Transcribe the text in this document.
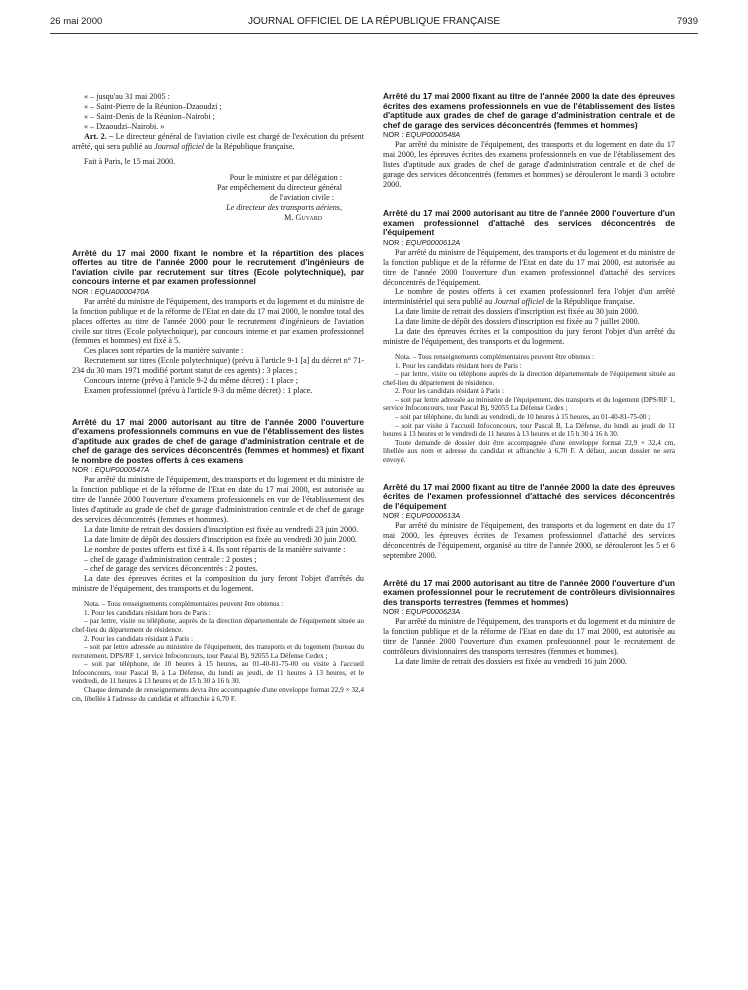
26 mai 2000	JOURNAL OFFICIEL DE LA RÉPUBLIQUE FRANÇAISE	7939

« – jusqu'au 31 mai 2005 :

« – Saint-Pierre de la Réunion–Dzaoudzi ;

« – Saint-Denis de la Réunion–Nairobi ;

« – Dzaoudzi–Nairobi. »

Art. 2. – Le directeur général de l'aviation civile est chargé de l'exécution du présent arrêté, qui sera publié au Journal officiel de la République française.

Fait à Paris, le 15 mai 2000.

Pour le ministre et par délégation :

Par empêchement du directeur général

de l'aviation civile :

Le directeur des transports aériens,

M. Guyard

Arrêté du 17 mai 2000 fixant le nombre et la répartition des places offertes au titre de l'année 2000 pour le recrutement d'ingénieurs de l'aviation civile par recrutement sur titres (Ecole polytechnique), par concours interne et par examen professionnel

NOR : EQUA0000470A

Par arrêté du ministre de l'équipement, des transports et du logement et du ministre de la fonction publique et de la réforme de l'Etat en date du 17 mai 2000, le nombre total des places offertes au titre de l'année 2000 pour le recrutement d'ingénieurs de l'aviation civile sur titres (Ecole polytechnique), par concours interne et par examen professionnel (femmes et hommes) est fixé à 5.

Ces places sont réparties de la manière suivante :

Recrutement sur titres (Ecole polytechnique) (prévu à l'article 9-1 [a] du décret n° 71-234 du 30 mars 1971 modifié portant statut de ces agents) : 3 places ;

Concours interne (prévu à l'article 9-2 du même décret) : 1 place ;

Examen professionnel (prévu à l'article 9-3 du même décret) : 1 place.

Arrêté du 17 mai 2000 autorisant au titre de l'année 2000 l'ouverture d'examens professionnels communs en vue de l'établissement des listes d'aptitude aux grades de chef de garage d'administration centrale et de chef de garage des services déconcentrés (femmes et hommes) et fixant le nombre de postes offerts à ces examens

NOR : EQUP0000547A

Par arrêté du ministre de l'équipement, des transports et du logement et du ministre de la fonction publique et de la réforme de l'Etat en date du 17 mai 2000, est autorisée au titre de l'année 2000 l'ouverture d'examens professionnels en vue de l'établissement des listes d'aptitude au grade de chef de garage d'administration centrale et de chef de garage des services déconcentrés (femmes et hommes).

La date limite de retrait des dossiers d'inscription est fixée au vendredi 23 juin 2000.

La date limite de dépôt des dossiers d'inscription est fixée au vendredi 30 juin 2000.

Le nombre de postes offerts est fixé à 4. Ils sont répartis de la manière suivante :

– chef de garage d'administration centrale : 2 postes ;

– chef de garage des services déconcentrés : 2 postes.

La date des épreuves écrites et la composition du jury feront l'objet d'arrêtés du ministre de l'équipement, des transports et du logement.

Nota. – Tous renseignements complémentaires peuvent être obtenus :

1. Pour les candidats résidant hors de Paris :

– par lettre, visite ou téléphone, auprès de la direction départementale de l'équipement située au chef-lieu du département de résidence.

2. Pour les candidats résidant à Paris :

– soit par lettre adressée au ministère de l'équipement, des transports et du logement (bureau du recrutement, DPS/RF 1, service Infoconcours, tour Pascal B), 92055 La Défense Cedex ;

– soit par téléphone, de 10 heures à 15 heures, au 01-40-81-75-00 ou visite à l'accueil Infoconcours, tour Pascal B, à La Défense, du lundi au jeudi, de 11 heures à 13 heures, et le vendredi, de 11 heures à 13 heures et de 15 h 30 à 16 h 30.

Chaque demande de renseignements devra être accompagnée d'une enveloppe format 22,9 × 32,4 cm, libellée à l'adresse du candidat et affranchie à 6,70 F.

Arrêté du 17 mai 2000 fixant au titre de l'année 2000 la date des épreuves écrites des examens professionnels en vue de l'établissement des listes d'aptitude aux grades de chef de garage d'administration centrale et de chef de garage des services déconcentrés (femmes et hommes)

NOR : EQUP0000548A

Par arrêté du ministre de l'équipement, des transports et du logement en date du 17 mai 2000, les épreuves écrites des examens professionnels en vue de l'établissement des listes d'aptitude aux grades de chef de garage d'administration centrale et de chef de garage des services déconcentrés (femmes et hommes) se dérouleront le mardi 3 octobre 2000.

Arrêté du 17 mai 2000 autorisant au titre de l'année 2000 l'ouverture d'un examen professionnel d'attaché des services déconcentrés de l'équipement

NOR : EQUP0000612A

Par arrêté du ministre de l'équipement, des transports et du logement et du ministre de la fonction publique et de la réforme de l'Etat en date du 17 mai 2000, est autorisée au titre de l'année 2000 l'ouverture d'un examen professionnel d'attaché des services déconcentrés de l'équipement.

Le nombre de postes offerts à cet examen professionnel fera l'objet d'un arrêté interministériel qui sera publié au Journal officiel de la République française.

La date limite de retrait des dossiers d'inscription est fixée au 30 juin 2000.

La date limite de dépôt des dossiers d'inscription est fixée au 7 juillet 2000.

La date des épreuves écrites et la composition du jury feront l'objet d'un arrêté du ministre de l'équipement, des transports et du logement.

Nota. – Tous renseignements complémentaires peuvent être obtenus :

1. Pour les candidats résidant hors de Paris :

– par lettre, visite ou téléphone auprès de la direction départementale de l'équipement située au chef-lieu du département de résidence.

2. Pour les candidats résidant à Paris :

– soit par lettre adressée au ministère de l'équipement, des transports et du logement (DPS/RF 1, service Infoconcours, tour Pascal B), 92055 La Défense Cedex ;

– soit par téléphone, du lundi au vendredi, de 10 heures à 15 heures, au 01-40-81-75-00 ;

– soit par visite à l'accueil Infoconcours, tour Pascal B, La Défense, du lundi au jeudi de 11 heures à 13 heures et le vendredi de 11 heures à 13 heures et de 15 h 30 à 16 h 30.

Toute demande de dossier doit être accompagnée d'une enveloppe format 22,9 × 32,4 cm, libellée aux nom et adresse du candidat et affranchie à 6,70 F. A défaut, aucun dossier ne sera envoyé.

Arrêté du 17 mai 2000 fixant au titre de l'année 2000 la date des épreuves écrites de l'examen professionnel d'attaché des services déconcentrés de l'équipement

NOR : EQUP0000613A

Par arrêté du ministre de l'équipement, des transports et du logement en date du 17 mai 2000, les épreuves écrites de l'examen professionnel d'attaché des services déconcentrés de l'équipement, organisé au titre de l'année 2000, se dérouleront les 5 et 6 septembre 2000.

Arrêté du 17 mai 2000 autorisant au titre de l'année 2000 l'ouverture d'un examen professionnel pour le recrutement de contrôleurs divisionnaires des transports terrestres (femmes et hommes)

NOR : EQUP0000623A

Par arrêté du ministre de l'équipement, des transports et du logement et du ministre de la fonction publique et de la réforme de l'Etat en date du 17 mai 2000, est autorisée au titre de l'année 2000 l'ouverture d'un examen professionnel pour le recrutement de contrôleurs divisionnaires des transports terrestres (femmes et hommes).

La date limite de retrait des dossiers est fixée au vendredi 16 juin 2000.
